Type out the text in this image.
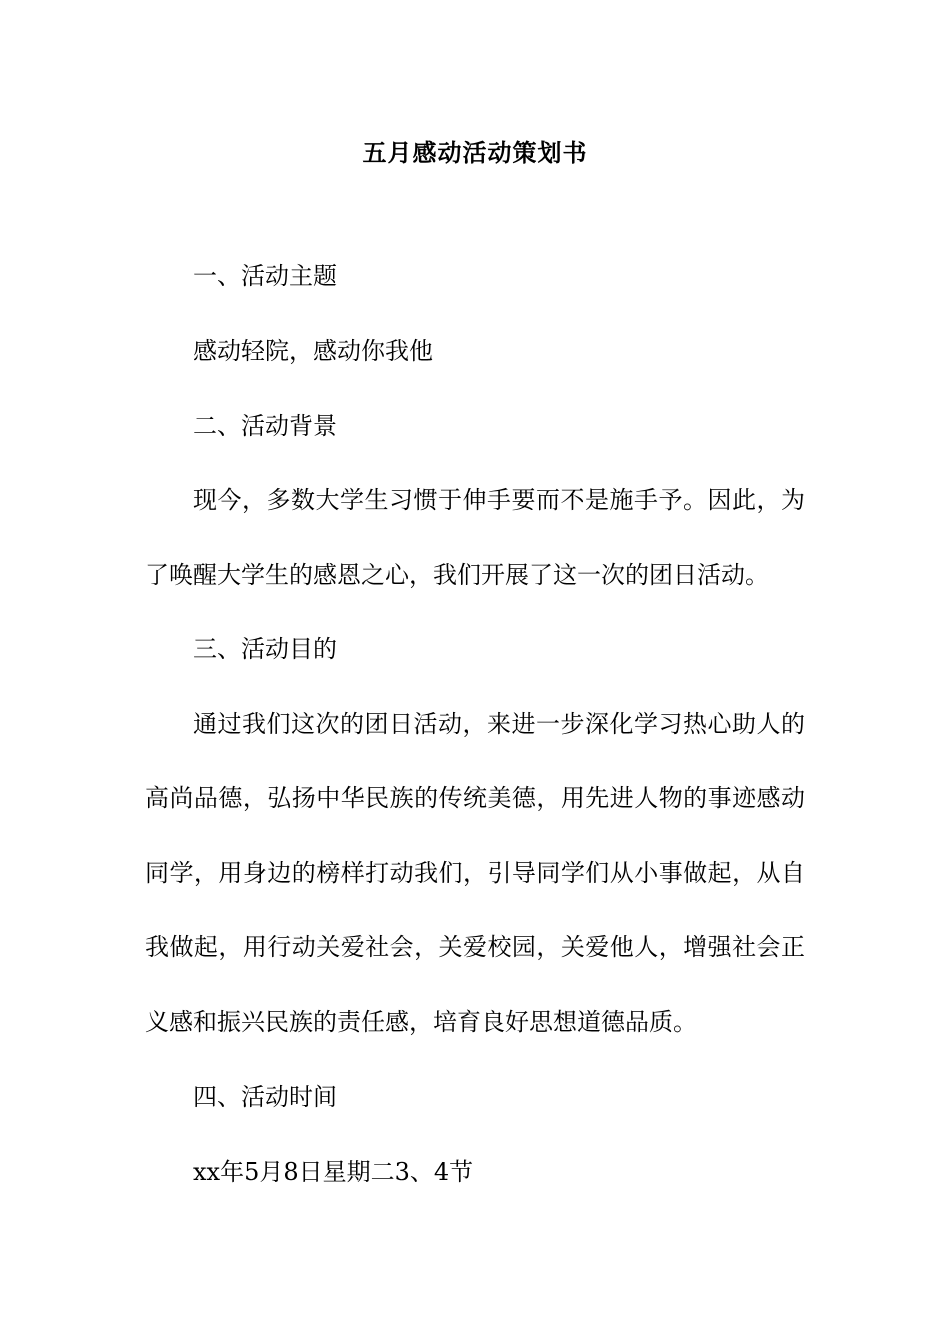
五月感动活动策划书
一、活动主题
感动轻院，感动你我他
二、活动背景
现今，多数大学生习惯于伸手要而不是施手予。因此，为
了唤醒大学生的感恩之心，我们开展了这一次的团日活动。
三、活动目的
通过我们这次的团日活动，来进一步深化学习热心助人的
高尚品德，弘扬中华民族的传统美德，用先进人物的事迹感动
同学，用身边的榜样打动我们，引导同学们从小事做起，从自
我做起，用行动关爱社会，关爱校园，关爱他人，增强社会正
义感和振兴民族的责任感，培育良好思想道德品质。
四、活动时间
xx年5月8日星期二3、4节
